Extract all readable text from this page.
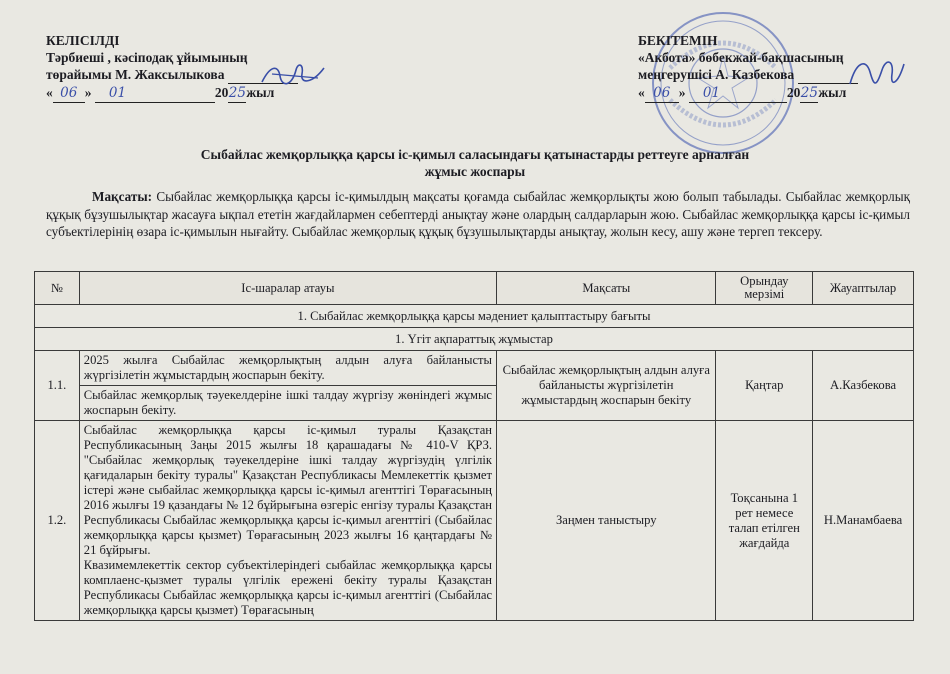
КЕЛІСІЛДІ
Тәрбиеші , кәсіподақ ұйымының
төрайымы М. Жаксылыкова
« 06 » 01	2025жыл
БЕКІТЕМІН
«Акбота» бөбекжай-бақшасының
меңгерушісі А. Казбекова
« 06 » 01	2025жыл
Сыбайлас жемқорлыққа қарсы іс-қимыл саласындағы қатынастарды реттеуге арналған
жұмыс жоспары
Мақсаты: Сыбайлас жемқорлыққа қарсы іс-қимылдың мақсаты қоғамда сыбайлас жемқорлықты жою болып табылады. Сыбайлас жемқорлық құқық бұзушылықтар жасауға ықпал ететін жағдайлармен себептерді анықтау және олардың салдарларын жою. Сыбайлас жемқорлыққа қарсы іс-қимыл субъектілерінің өзара іс-қимылын нығайту. Сыбайлас жемқорлық құқық бұзушылықтарды анықтау, жолын кесу, ашу және тергеп тексеру.
№	Іс-шаралар атауы	Мақсаты	Орындау мерзімі	Жауаптылар
1. Сыбайлас жемқорлыққа қарсы мәдениет қалыптастыру бағыты				
1. Үгіт ақпараттық жұмыстар				
1.1.	2025 жылға Сыбайлас жемқорлықтың алдын алуға байланысты жүргізілетін жұмыстардың жоспарын бекіту.	Сыбайлас жемқорлықтың алдын алуға байланысты жүргізілетін жұмыстардың жоспарын бекіту	Қаңтар	А.Казбекова
	Сыбайлас жемқорлық тәуекелдеріне ішкі талдау жүргізу жөніндегі жұмыс жоспарын бекіту.			
1.2.	Сыбайлас жемқорлыққа қарсы іс-қимыл туралы Қазақстан Республикасының Заңы 2015 жылғы 18 қарашадағы № 410-V ҚРЗ. "Сыбайлас жемқорлық тәуекелдеріне ішкі талдау жүргізудің үлгілік қағидаларын бекіту туралы" Қазақстан Республикасы Мемлекеттік қызмет істері және сыбайлас жемқорлыққа қарсы іс-қимыл агенттігі Төрағасының 2016 жылғы 19 қазандағы № 12 бұйрығына өзгеріс енгізу туралы Қазақстан Республикасы Сыбайлас жемқорлыққа қарсы іс-қимыл агенттігі (Сыбайлас жемқорлыққа қарсы қызмет) Төрағасының 2023 жылғы 16 қаңтардағы № 21 бұйрығы.
Квазимемлекеттік сектор субъектілеріндегі сыбайлас жемқорлыққа қарсы комплаенс-қызмет туралы үлгілік ережені бекіту туралы Қазақстан Республикасы Сыбайлас жемқорлыққа қарсы іс-қимыл агенттігі (Сыбайлас жемқорлыққа қарсы қызмет) Төрағасының	Заңмен таныстыру	Тоқсанына 1 рет немесе талап етілген жағдайда	Н.Манамбаева
